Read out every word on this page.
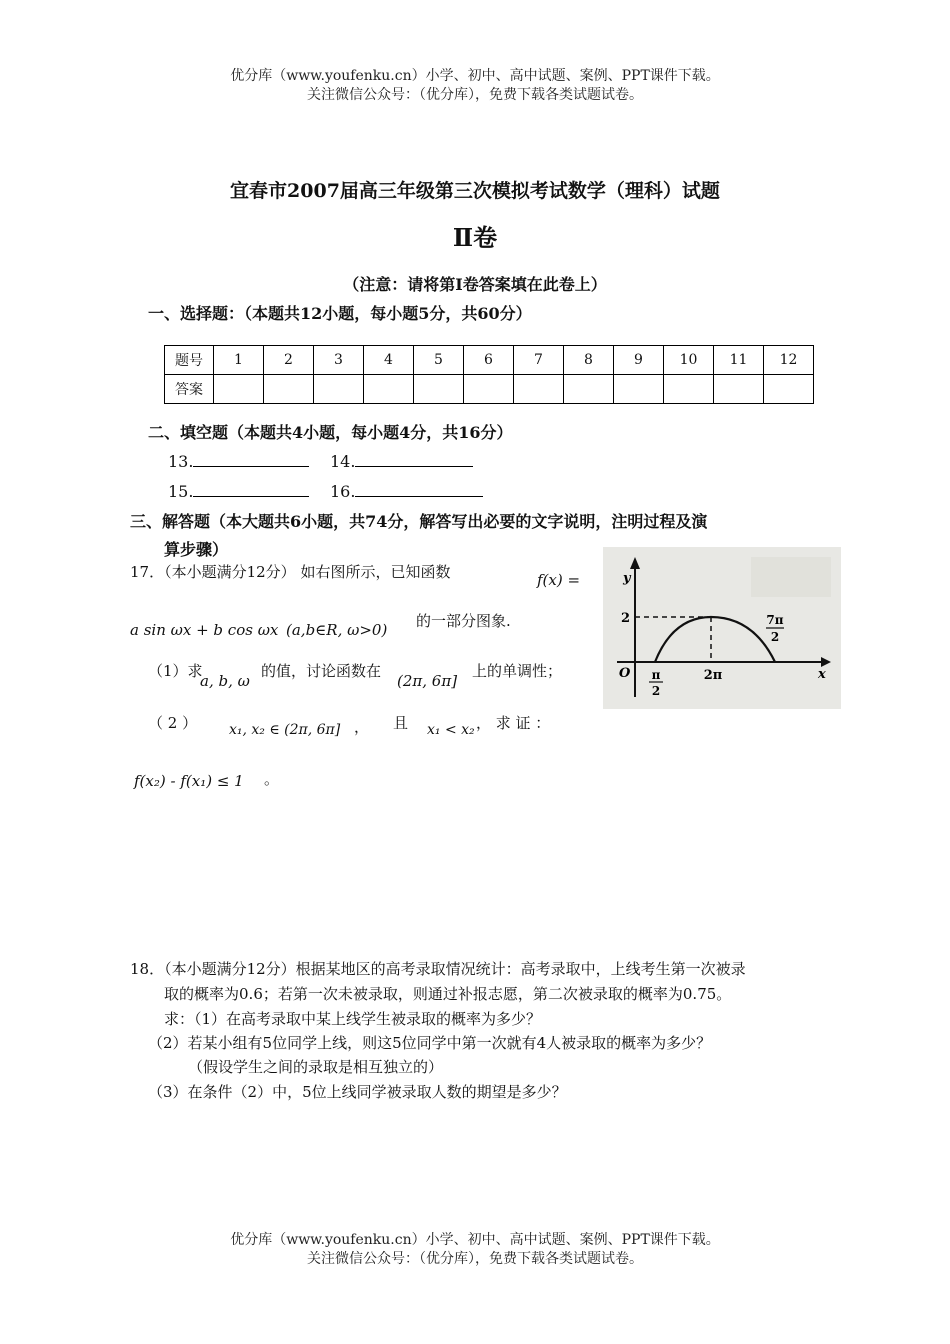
优分库（www.youfenku.cn）小学、初中、高中试题、案例、PPT课件下载。
关注微信公众号：（优分库），免费下载各类试题试卷。
宜春市2007届高三年级第三次模拟考试数学（理科）试题
Ⅱ卷
（注意：请将第Ⅰ卷答案填在此卷上）
一、选择题：（本题共12小题，每小题5分，共60分）
题号	1	2	3	4	5	6	7	8	9	10	11	12
答案												
二、填空题（本题共4小题，每小题4分，共16分）
13.	14.
15.	16.
三、解答题（本大题共6小题，共74分，解答写出必要的文字说明，注明过程及演
算步骤）
17．（本小题满分12分） 如右图所示，已知函数	f(x) =
a sin ωx + b cos ωx (a,b∈R, ω>0) 的一部分图象.
（1）求
a, b, ω
的值，讨论函数在
(2π, 6π]
上的单调性；
（ 2 ） x₁, x₂ ∈ (2π, 6π] ， 且 x₁ < x₂ ， 求 证 ：
f(x₂) - f(x₁) ≤ 1 。
y
x
O
2
π
2
2π
7π
2
18．（本小题满分12分）根据某地区的高考录取情况统计：高考录取中，上线考生第一次被录
取的概率为0.6；若第一次未被录取，则通过补报志愿，第二次被录取的概率为0.75。
求：（1）在高考录取中某上线学生被录取的概率为多少？
（2）若某小组有5位同学上线，则这5位同学中第一次就有4人被录取的概率为多少？
（假设学生之间的录取是相互独立的）
（3）在条件（2）中，5位上线同学被录取人数的期望是多少？
优分库（www.youfenku.cn）小学、初中、高中试题、案例、PPT课件下载。
关注微信公众号：（优分库），免费下载各类试题试卷。
